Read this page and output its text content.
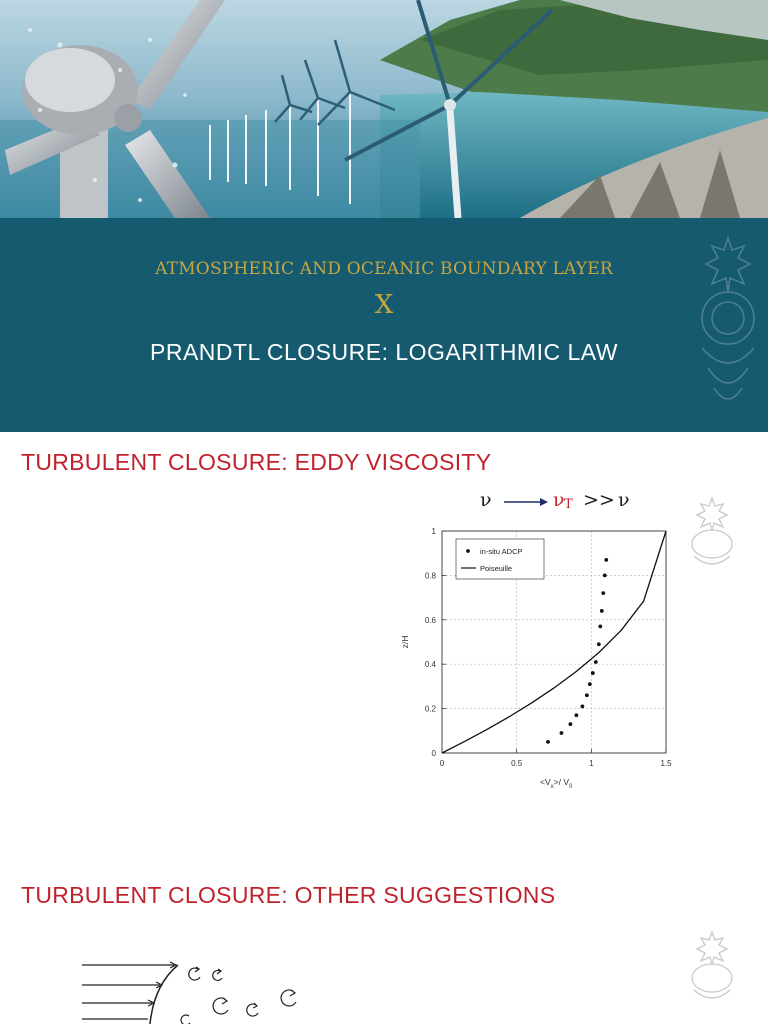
ATMOSPHERIC AND OCEANIC BOUNDARY LAYER
X
PRANDTL CLOSURE: LOGARITHMIC LAW
TURBULENT CLOSURE: EDDY VISCOSITY
ν	ν T >> ν
0	0.5	1	1.5
0
0.2
0.4
0.6
0.8
1
z/H
$<V_x>/$ $V_0$
in-situ ADCP
Poiseuille
TURBULENT CLOSURE: OTHER SUGGESTIONS
